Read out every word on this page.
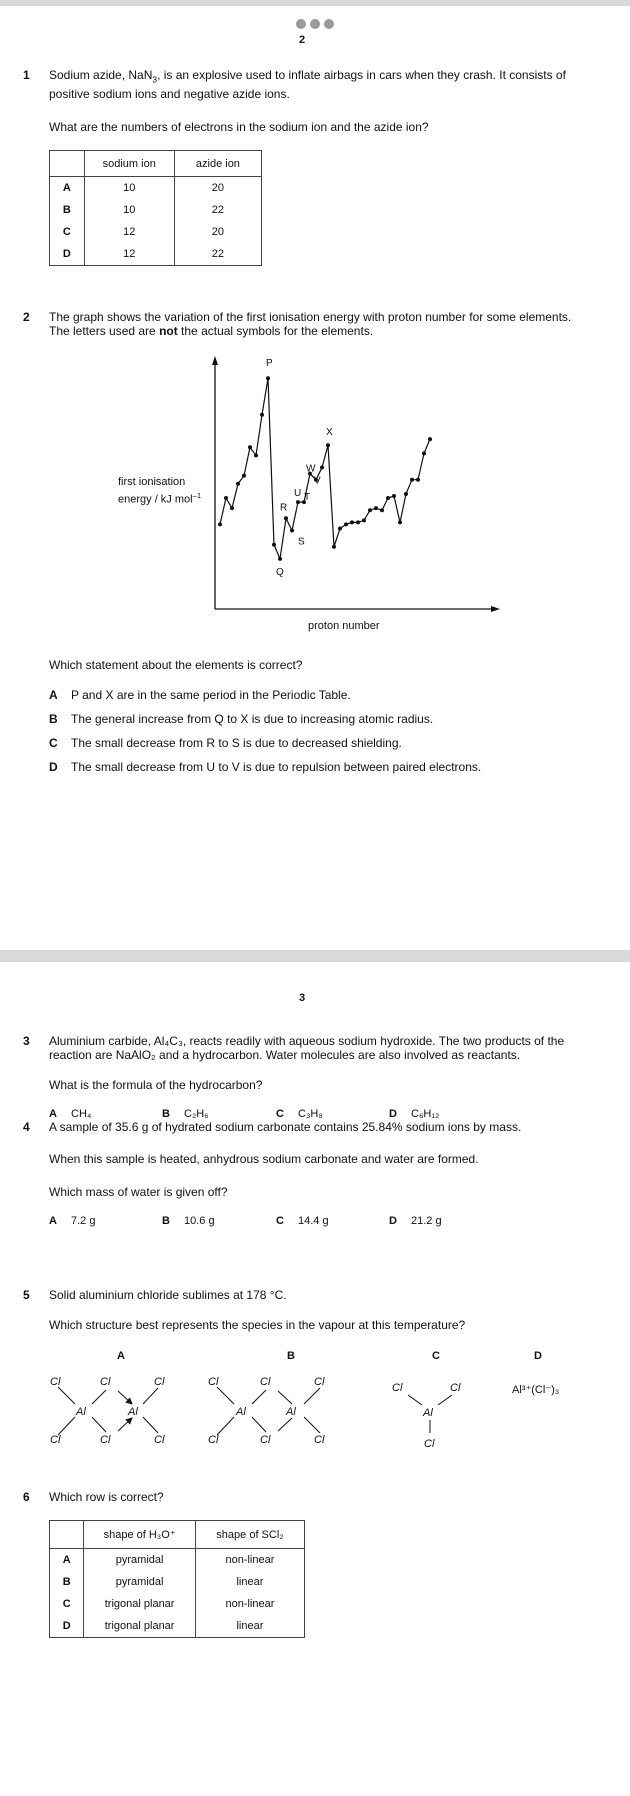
2
1 Sodium azide, NaN$_3$, is an explosive used to inflate airbags in cars when they crash. It consists of
positive sodium ions and negative azide ions.
What are the numbers of electrons in the sodium ion and the azide ion?
	sodium ion	azide ion
A	10	20
B	10	22
C	12	20
D	12	22
2 The graph shows the variation of the first ionisation energy with proton number for some elements.
The letters used are not the actual symbols for the elements.
first ionisation
energy / kJ mol$^{-1}$
P
Q
R
S
T
U
V
W
X
proton number
Which statement about the elements is correct?
A P and X are in the same period in the Periodic Table.
B The general increase from Q to X is due to increasing atomic radius.
C The small decrease from R to S is due to decreased shielding.
D The small decrease from U to V is due to repulsion between paired electrons.
3
3 Aluminium carbide, Al₄C₃, reacts readily with aqueous sodium hydroxide. The two products of the
reaction are NaAlO₂ and a hydrocarbon. Water molecules are also involved as reactants.
What is the formula of the hydrocarbon?
A CH₄	B C₂H₆	C C₃H₈	D C₆H₁₂
4 A sample of 35.6 g of hydrated sodium carbonate contains 25.84% sodium ions by mass.
When this sample is heated, anhydrous sodium carbonate and water are formed.
Which mass of water is given off?
A 7.2 g	B 10.6 g	C 14.4 g	D 21.2 g
5 Solid aluminium chloride sublimes at 178 °C.
Which structure best represents the species in the vapour at this temperature?
A	B	C	D
Cl
Cl
Al
Cl
Cl
Al
Cl
Cl
Cl
Cl
Al
Cl
Cl
Al
Cl
Cl
Cl	Cl
Al
Cl
Al³⁺(Cl⁻)₃
6 Which row is correct?
	shape of H₃O⁺	shape of SCl₂
A	pyramidal	non-linear
B	pyramidal	linear
C	trigonal planar	non-linear
D	trigonal planar	linear
